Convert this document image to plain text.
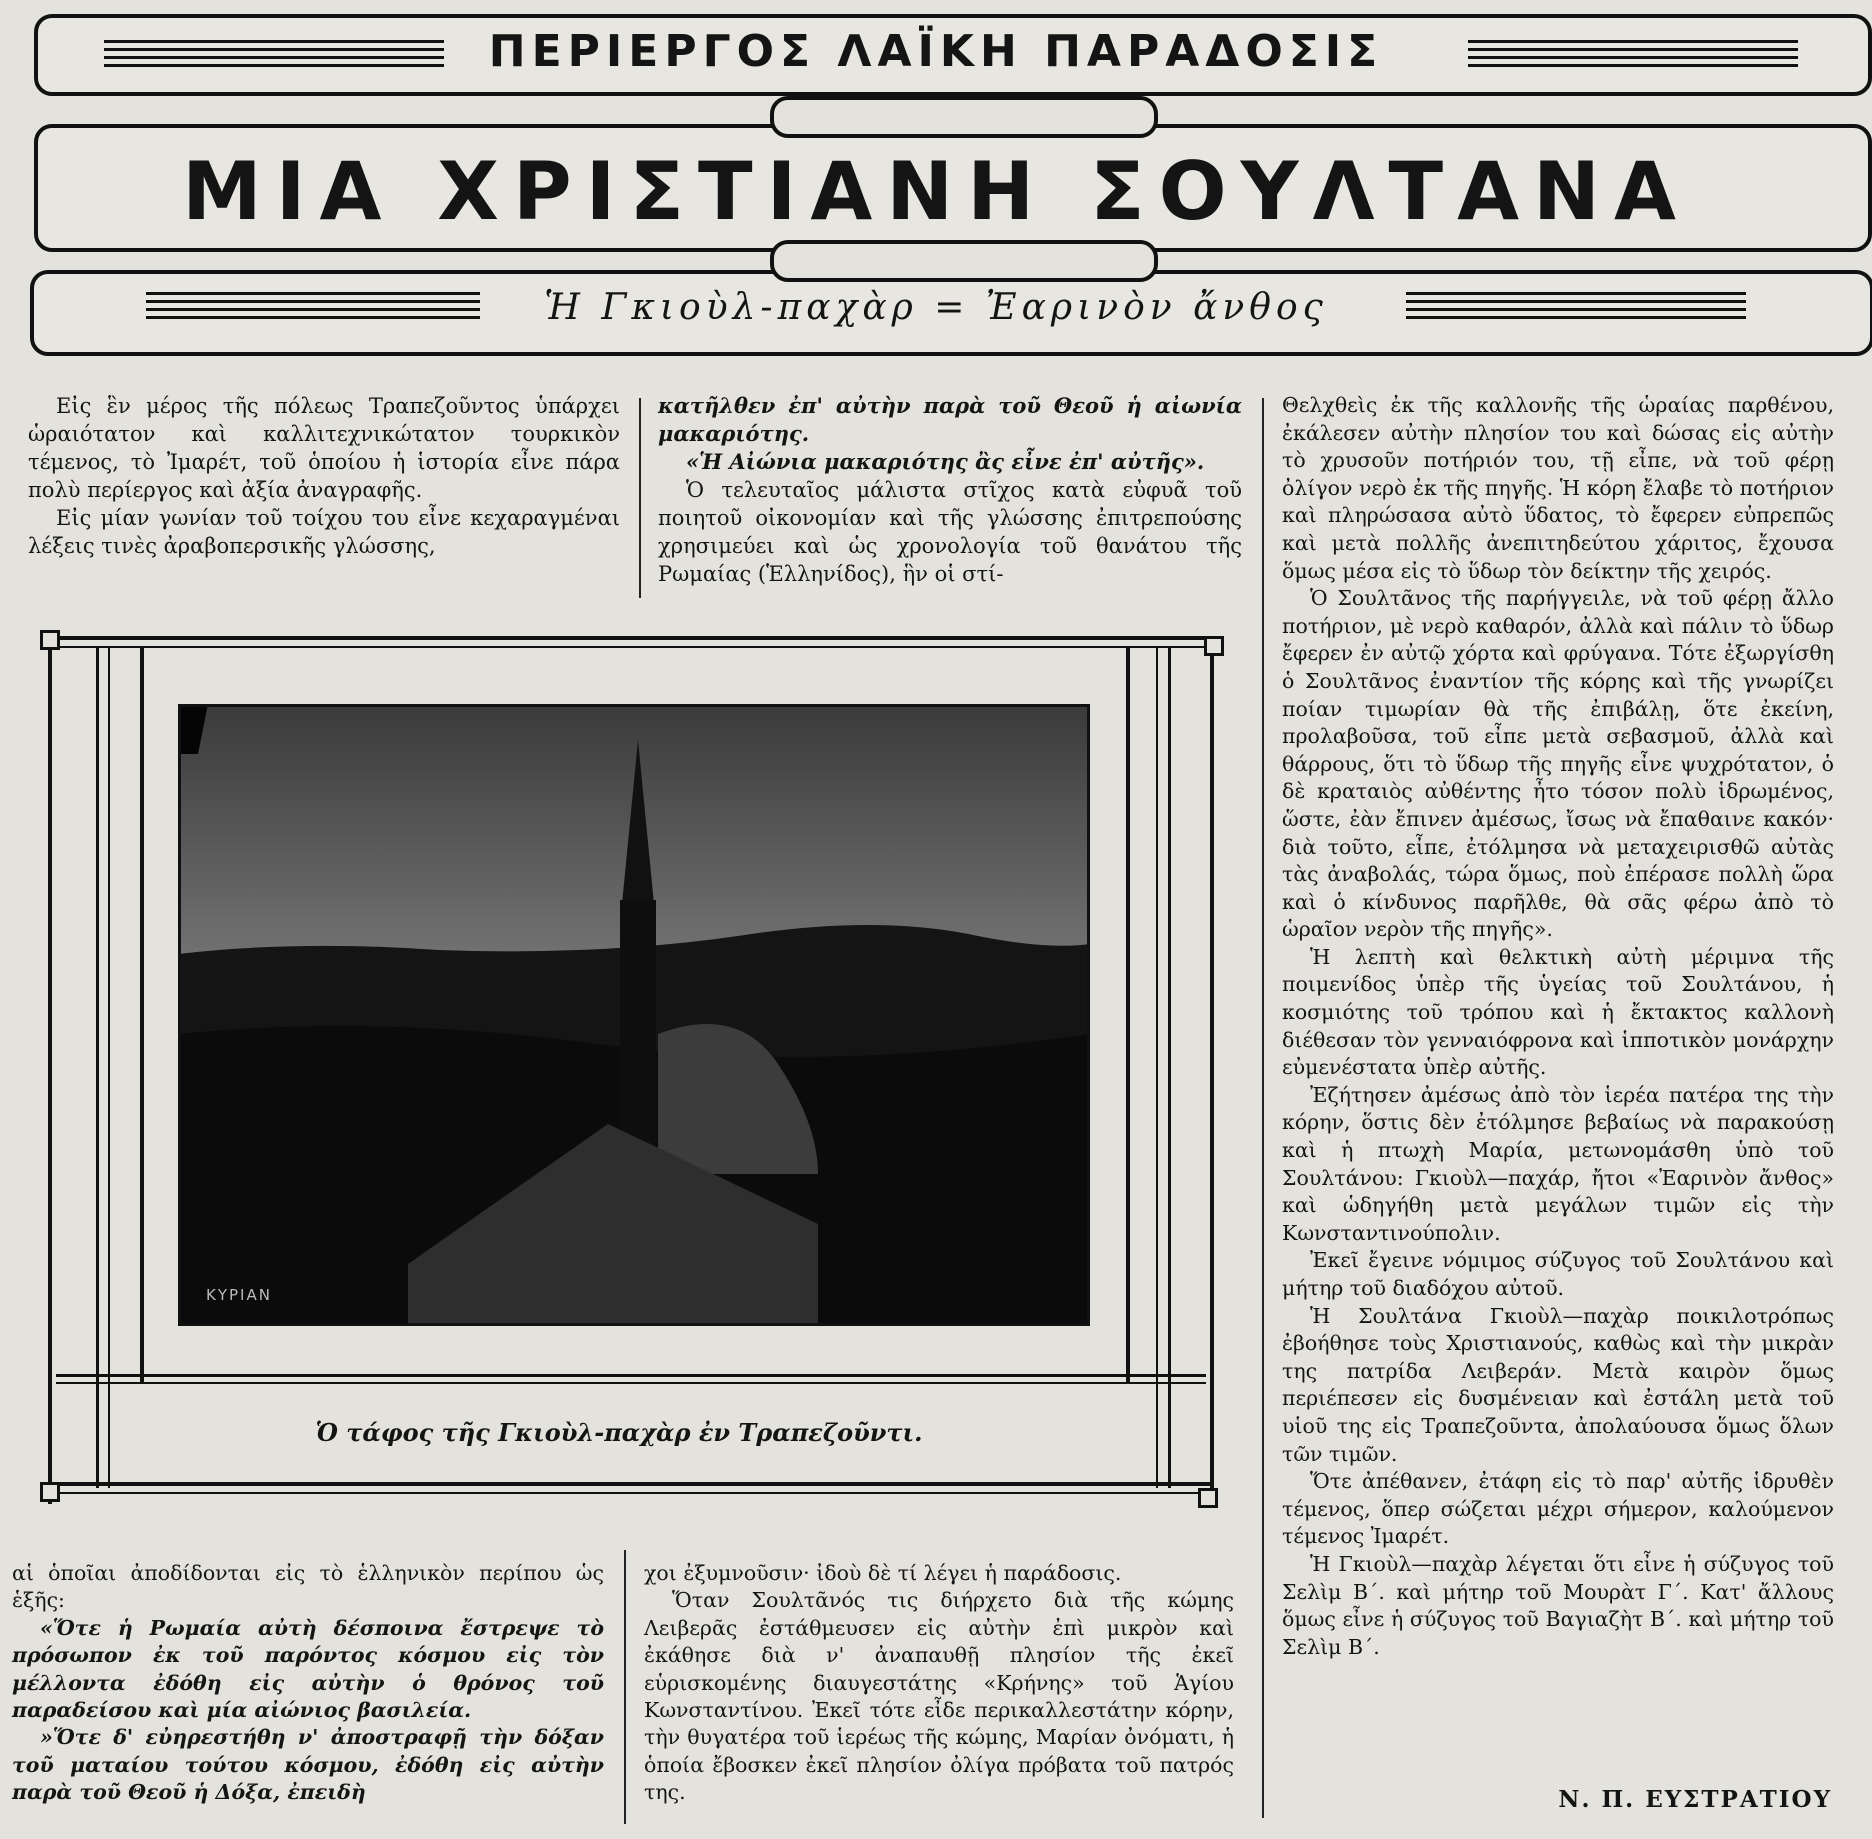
ΠΕΡΙΕΡΓΟΣ ΛΑΪΚΗ ΠΑΡΑΔΟΣΙΣ
ΜΙΑ ΧΡΙΣΤΙΑΝΗ ΣΟΥΛΤΑΝΑ
Ἡ Γκιοὺλ-παχὰρ = Ἐαρινὸν ἄνθος

Εἰς ἓν μέρος τῆς πόλεως Τραπεζοῦντος ὑπάρχει ὡραιότατον καὶ καλλιτεχνικώτατον τουρκικὸν τέμενος, τὸ Ἰμαρέτ, τοῦ ὁποίου ἡ ἱστορία εἶνε πάρα πολὺ περίεργος καὶ ἀξία ἀναγραφῆς.

Εἰς μίαν γωνίαν τοῦ τοίχου του εἶνε κεχαραγμέναι λέξεις τινὲς ἀραβοπερσικῆς γλώσσης,

κατῆλθεν ἐπ' αὐτὴν παρὰ τοῦ Θεοῦ ἡ αἰωνία μακαριότης.

«Ἡ Αἰώνια μακαριότης ἂς εἶνε ἐπ' αὐτῆς».

Ὁ τελευταῖος μάλιστα στῖχος κατὰ εὐφυᾶ τοῦ ποιητοῦ οἰκονομίαν καὶ τῆς γλώσσης ἐπιτρεπούσης χρησιμεύει καὶ ὡς χρονολογία τοῦ θανάτου τῆς Ρωμαίας (Ἑλληνίδος), ἣν οἱ στί-

Θελχθεὶς ἐκ τῆς καλλονῆς τῆς ὡραίας παρθένου, ἐκάλεσεν αὐτὴν πλησίον του καὶ δώσας εἰς αὐτὴν τὸ χρυσοῦν ποτήριόν του, τῇ εἶπε, νὰ τοῦ φέρῃ ὀλίγον νερὸ ἐκ τῆς πηγῆς. Ἡ κόρη ἔλαβε τὸ ποτήριον καὶ πληρώσασα αὐτὸ ὕδατος, τὸ ἔφερεν εὐπρεπῶς καὶ μετὰ πολλῆς ἀνεπιτηδεύτου χάριτος, ἔχουσα ὅμως μέσα εἰς τὸ ὕδωρ τὸν δείκτην τῆς χειρός.

Ὁ Σουλτᾶνος τῆς παρήγγειλε, νὰ τοῦ φέρῃ ἄλλο ποτήριον, μὲ νερὸ καθαρόν, ἀλλὰ καὶ πάλιν τὸ ὕδωρ ἔφερεν ἐν αὐτῷ χόρτα καὶ φρύγανα. Τότε ἐξωργίσθη ὁ Σουλτᾶνος ἐναντίον τῆς κόρης καὶ τῆς γνωρίζει ποίαν τιμωρίαν θὰ τῆς ἐπιβάλῃ, ὅτε ἐκείνη, προλαβοῦσα, τοῦ εἶπε μετὰ σεβασμοῦ, ἀλλὰ καὶ θάρρους, ὅτι τὸ ὕδωρ τῆς πηγῆς εἶνε ψυχρότατον, ὁ δὲ κραταιὸς αὐθέντης ἦτο τόσον πολὺ ἱδρωμένος, ὥστε, ἐὰν ἔπινεν ἀμέσως, ἴσως νὰ ἔπαθαινε κακόν· διὰ τοῦτο, εἶπε, ἐτόλμησα νὰ μεταχειρισθῶ αὐτὰς τὰς ἀναβολάς, τώρα ὅμως, ποὺ ἐπέρασε πολλὴ ὥρα καὶ ὁ κίνδυνος παρῆλθε, θὰ σᾶς φέρω ἀπὸ τὸ ὡραῖον νερὸν τῆς πηγῆς».

Ἡ λεπτὴ καὶ θελκτικὴ αὐτὴ μέριμνα τῆς ποιμενίδος ὑπὲρ τῆς ὑγείας τοῦ Σουλτάνου, ἡ κοσμιότης τοῦ τρόπου καὶ ἡ ἔκτακτος καλλονὴ διέθεσαν τὸν γενναιόφρονα καὶ ἱπποτικὸν μονάρχην εὐμενέστατα ὑπὲρ αὐτῆς.

Ἐζήτησεν ἀμέσως ἀπὸ τὸν ἱερέα πατέρα της τὴν κόρην, ὅστις δὲν ἐτόλμησε βεβαίως νὰ παρακούσῃ καὶ ἡ πτωχὴ Μαρία, μετωνομάσθη ὑπὸ τοῦ Σουλτάνου: Γκιοὺλ—παχάρ, ἤτοι «Ἐαρινὸν ἄνθος» καὶ ὡδηγήθη μετὰ μεγάλων τιμῶν εἰς τὴν Κωνσταντινούπολιν.

Ἐκεῖ ἔγεινε νόμιμος σύζυγος τοῦ Σουλτάνου καὶ μήτηρ τοῦ διαδόχου αὐτοῦ.

Ἡ Σουλτάνα Γκιοὺλ—παχὰρ ποικιλοτρόπως ἐβοήθησε τοὺς Χριστιανούς, καθὼς καὶ τὴν μικρὰν της πατρίδα Λειβεράν. Μετὰ καιρὸν ὅμως περιέπεσεν εἰς δυσμένειαν καὶ ἐστάλη μετὰ τοῦ υἱοῦ της εἰς Τραπεζοῦντα, ἀπολαύουσα ὅμως ὅλων τῶν τιμῶν.

Ὅτε ἀπέθανεν, ἐτάφη εἰς τὸ παρ' αὐτῆς ἱδρυθὲν τέμενος, ὅπερ σώζεται μέχρι σήμερον, καλούμενον τέμενος Ἰμαρέτ.

Ἡ Γκιοὺλ—παχὰρ λέγεται ὅτι εἶνε ἡ σύζυγος τοῦ Σελὶμ Β΄. καὶ μήτηρ τοῦ Μουρὰτ Γ΄. Κατ' ἄλλους ὅμως εἶνε ἡ σύζυγος τοῦ Βαγιαζὴτ Β΄. καὶ μήτηρ τοῦ Σελὶμ Β΄.

ΚΥΡΙΑΝ
Ὁ τάφος τῆς Γκιοὺλ-παχὰρ ἐν Τραπεζοῦντι.

αἱ ὁποῖαι ἀποδίδονται εἰς τὸ ἑλληνικὸν περίπου ὡς ἑξῆς:

«Ὅτε ἡ Ρωμαία αὐτὴ δέσποινα ἔστρεψε τὸ πρόσωπον ἐκ τοῦ παρόντος κόσμου εἰς τὸν μέλλοντα ἐδόθη εἰς αὐτὴν ὁ θρόνος τοῦ παραδείσου καὶ μία αἰώνιος βασιλεία.

»Ὅτε δ' εὐηρεστήθη ν' ἀποστραφῇ τὴν δόξαν τοῦ ματαίου τούτου κόσμου, ἐδόθη εἰς αὐτὴν παρὰ τοῦ Θεοῦ ἡ Δόξα, ἐπειδὴ

χοι ἐξυμνοῦσιν· ἰδοὺ δὲ τί λέγει ἡ παράδοσις.

Ὅταν Σουλτᾶνός τις διήρχετο διὰ τῆς κώμης Λειβερᾶς ἐστάθμευσεν εἰς αὐτὴν ἐπὶ μικρὸν καὶ ἐκάθησε διὰ ν' ἀναπαυθῇ πλησίον τῆς ἐκεῖ εὑρισκομένης διαυγεστάτης «Κρήνης» τοῦ Ἁγίου Κωνσταντίνου. Ἐκεῖ τότε εἶδε περικαλλεστάτην κόρην, τὴν θυγατέρα τοῦ ἱερέως τῆς κώμης, Μαρίαν ὀνόματι, ἡ ὁποία ἔβοσκεν ἐκεῖ πλησίον ὀλίγα πρόβατα τοῦ πατρός της.	Ν. Π. ΕΥΣΤΡΑΤΙΟΥ
